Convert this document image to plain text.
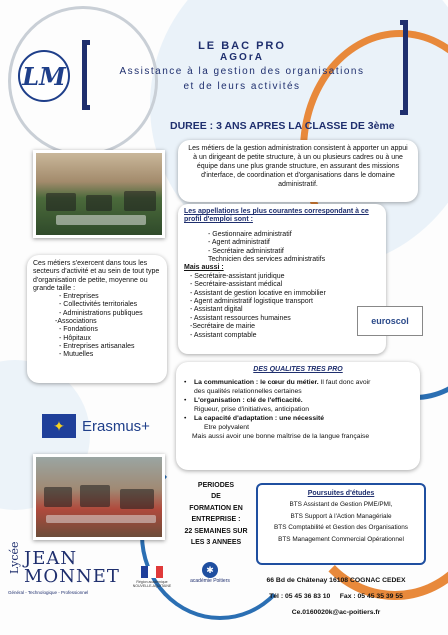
LM
LE BAC PRO
AGOrA
Assistance à la gestion des organisations
et de leurs activités
DUREE : 3 ANS APRES LA CLASSE DE 3ème
Les métiers de la gestion administration consistent à apporter un appui à un dirigeant de petite structure, à un ou plusieurs cadres ou à une équipe dans une plus grande structure, en assurant des missions d'interface, de coordination et d'organisations dans le domaine administratif.
Les appellations les plus courantes correspondant à ce profil d'emploi sont :
- Gestionnaire administratif
- Agent administratif
- Secrétaire administratif
Technicien des services administratifs
Mais aussi :
- Secrétaire-assistant juridique
- Secrétaire-assistant médical
- Assistant de gestion locative en immobilier
- Agent administratif logistique transport
- Assistant digital
- Assistant ressources humaines
-Secrétaire de mairie
- Assistant comptable
Ces métiers s'exercent dans tous les secteurs d'activité et au sein de tout type d'organisation de petite, moyenne ou grande taille :
- Entreprises
- Collectivités territoriales
- Administrations publiques
-Associations
- Fondations
- Hôpitaux
- Entreprises artisanales
- Mutuelles
euroscol
DES QUALITES TRES PRO
•	La communication : le cœur du métier. Il faut donc avoir
des qualités relationnelles certaines
•	L'organisation : clé de l'efficacité.
Rigueur, prise d'initiatives, anticipation
•	La capacité d'adaptation : une nécessité
Etre polyvalent
Mais aussi avoir une bonne maîtrise de la langue française
✦	Erasmus+
PERIODES
DE
FORMATION EN
ENTREPRISE :
22 SEMAINES SUR
LES 3 ANNEES
Poursuites d'études
BTS Assistant de Gestion PME/PMI,
BTS Support à l'Action Managériale
BTS Comptabilité et Gestion des Organisations
BTS Management Commercial Opérationnel
Lycée JEAN
MONNET
Général - Technologique - Professionnel
Région académique NOUVELLE-AQUITAINE
✱
académie Poitiers	66 Bd de Châtenay 16108 COGNAC CEDEX
Tél : 05 45 36 83 10     Fax : 05 45 35 39 55
Ce.0160020k@ac-poitiers.fr
